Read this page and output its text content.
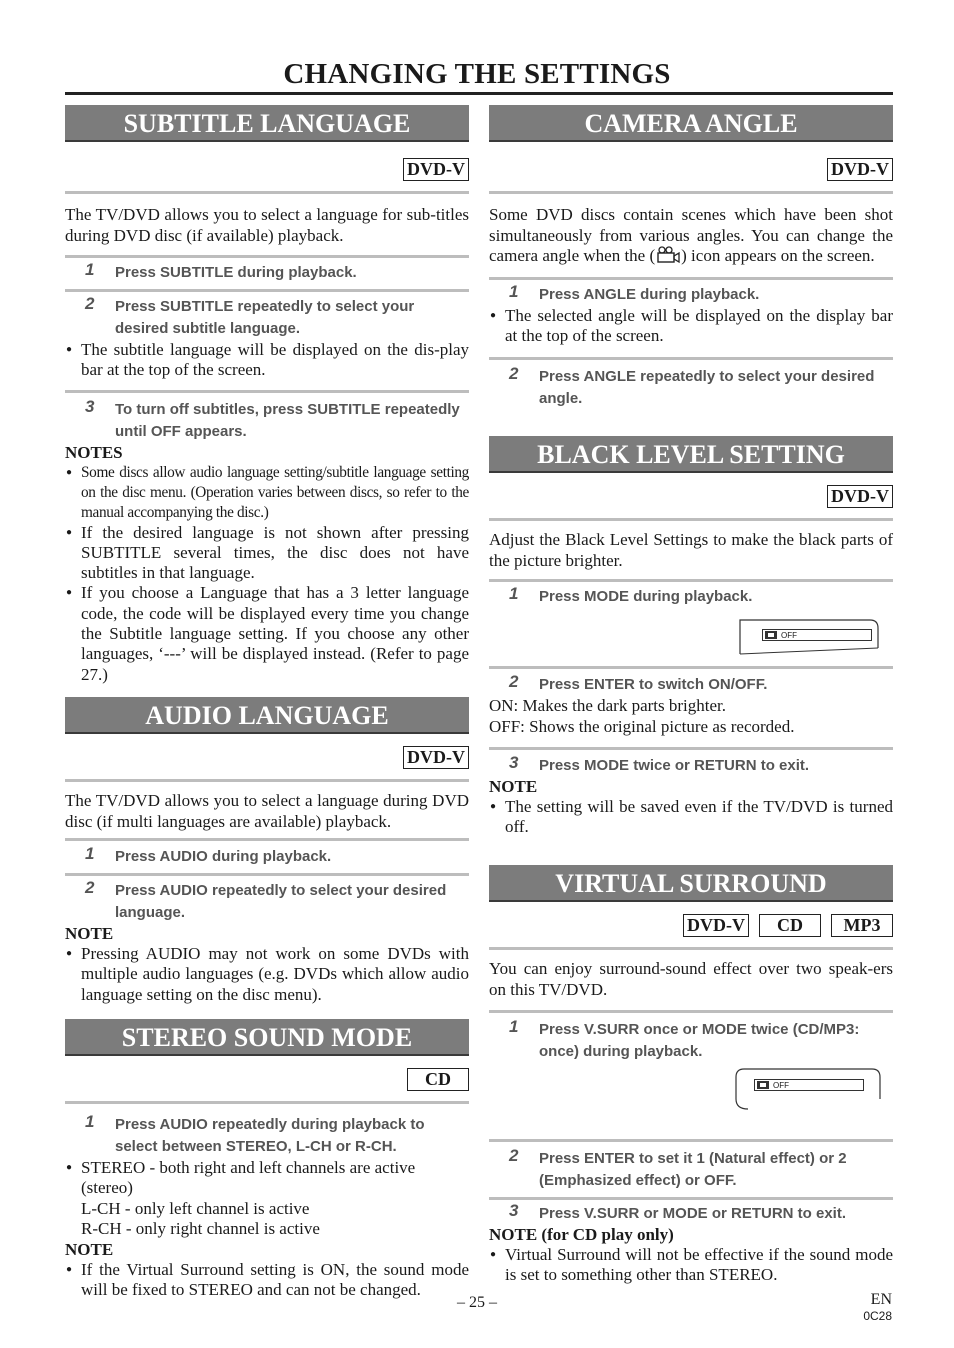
CHANGING THE SETTINGS
SUBTITLE LANGUAGE
DVD-V

The TV/DVD allows you to select a language for sub-titles during DVD disc (if available) playback.

1 Press SUBTITLE during playback.
2 Press SUBTITLE repeatedly to select your desired subtitle language.

● The subtitle language will be displayed on the dis-play bar at the top of the screen.

3 To turn off subtitles, press SUBTITLE repeatedly until OFF appears.

NOTES

● Some discs allow audio language setting/subtitle language setting on the disc menu. (Operation varies between discs, so refer to the manual accompanying the disc.)

● If the desired language is not shown after pressing SUBTITLE several times, the disc does not have subtitles in that language.

● If you choose a Language that has a 3 letter language code, the code will be displayed every time you change the Subtitle language setting. If you choose any other languages, ‘---’ will be displayed instead. (Refer to page 27.)

AUDIO LANGUAGE
DVD-V

The TV/DVD allows you to select a language during DVD disc (if multi languages are available) playback.

1 Press AUDIO during playback.
2 Press AUDIO repeatedly to select your desired language.

NOTE

● Pressing AUDIO may not work on some DVDs with multiple audio languages (e.g. DVDs which allow audio language setting on the disc menu).

STEREO SOUND MODE
CD
1 Press AUDIO repeatedly during playback to select between STEREO, L-CH or R-CH.

● STEREO - both right and left channels are active

(stereo)

L-CH - only left channel is active

R-CH - only right channel is active

NOTE

● If the Virtual Surround setting is ON, the sound mode will be fixed to STEREO and can not be changed.

CAMERA ANGLE
DVD-V

Some DVD discs contain scenes which have been shot simultaneously from various angles. You can change the camera angle when the ( ) icon appears on the screen.

1 Press ANGLE during playback.

● The selected angle will be displayed on the display bar at the top of the screen.

2 Press ANGLE repeatedly to select your desired angle.
BLACK LEVEL SETTING
DVD-V

Adjust the Black Level Settings to make the black parts of the picture brighter.

1 Press MODE during playback.
OFF
2 Press ENTER to switch ON/OFF.

ON: Makes the dark parts brighter.

OFF: Shows the original picture as recorded.

3 Press MODE twice or RETURN to exit.

NOTE

● The setting will be saved even if the TV/DVD is turned off.

VIRTUAL SURROUND
DVD-V	CD	MP3

You can enjoy surround-sound effect over two speak-ers on this TV/DVD.

1 Press V.SURR once or MODE twice (CD/MP3: once) during playback.
OFF
2 Press ENTER to set it 1 (Natural effect) or 2 (Emphasized effect) or OFF.
3 Press V.SURR or MODE or RETURN to exit.

NOTE (for CD play only)

● Virtual Surround will not be effective if the sound mode is set to something other than STEREO.

– 25 –	EN
0C28
